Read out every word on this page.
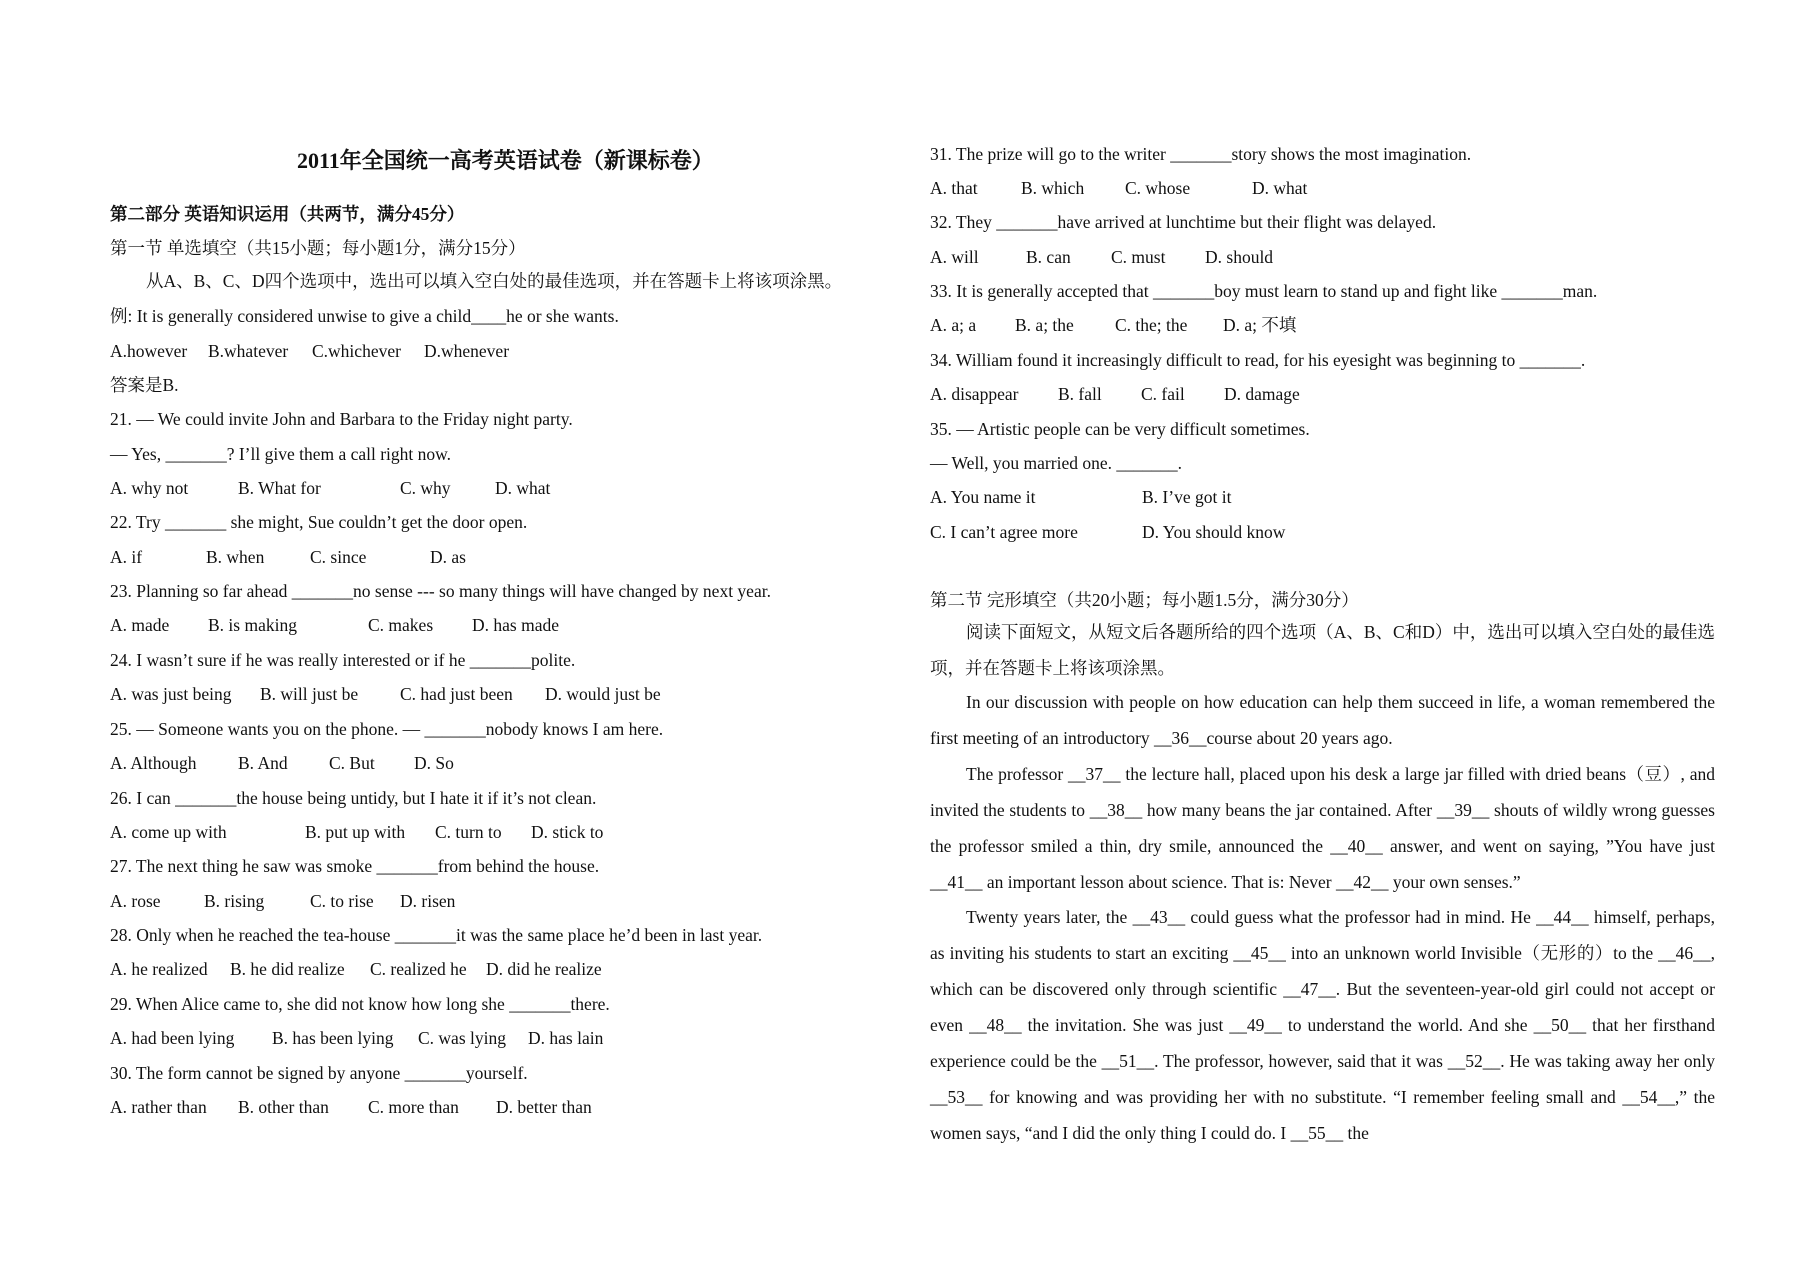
2011年全国统一高考英语试卷（新课标卷）
第二部分 英语知识运用（共两节，满分45分）
第一节 单选填空（共15小题；每小题1分，满分15分）
从A、B、C、D四个选项中，选出可以填入空白处的最佳选项，并在答题卡上将该项涂黑。
例: It is generally considered unwise to give a child____he or she wants.
A.however	B.whatever	C.whichever	D.whenever
答案是B.
21. — We could invite John and Barbara to the Friday night party.
— Yes, _______? I’ll give them a call right now.
A. why not	B. What for	C. why	D. what
22. Try _______ she might, Sue couldn’t get the door open.
A. if	B. when	C. since	D. as
23. Planning so far ahead _______no sense --- so many things will have changed by next year.
A. made	B. is making	C. makes	D. has made
24. I wasn’t sure if he was really interested or if he _______polite.
A. was just being	B. will just be	C. had just been	D. would just be
25. — Someone wants you on the phone. — _______nobody knows I am here.
A. Although	B. And	C. But	D. So
26. I can _______the house being untidy, but I hate it if it’s not clean.
A. come up with	B. put up with	C. turn to	D. stick to
27. The next thing he saw was smoke _______from behind the house.
A. rose	B. rising	C. to rise	D. risen
28. Only when he reached the tea-house _______it was the same place he’d been in last year.
A. he realized	B. he did realize	C. realized he	D. did he realize
29. When Alice came to, she did not know how long she _______there.
A. had been lying	B. has been lying	C. was lying	D. has lain
30. The form cannot be signed by anyone _______yourself.
A. rather than	B. other than	C. more than	D. better than
31. The prize will go to the writer _______story shows the most imagination.
A. that	B. which	C. whose	D. what
32. They _______have arrived at lunchtime but their flight was delayed.
A. will	B. can	C. must	D. should
33. It is generally accepted that _______boy must learn to stand up and fight like _______man.
A. a; a	B. a; the	C. the; the	D. a; 不填
34. William found it increasingly difficult to read, for his eyesight was beginning to _______.
A. disappear	B. fall	C. fail	D. damage
35. — Artistic people can be very difficult sometimes.
— Well, you married one. _______.
A. You name it	B. I’ve got it
C. I can’t agree more	D. You should know
第二节 完形填空（共20小题；每小题1.5分，满分30分）
阅读下面短文，从短文后各题所给的四个选项（A、B、C和D）中，选出可以填入空白处的最佳选项，并在答题卡上将该项涂黑。
In our discussion with people on how education can help them succeed in life, a woman remembered the first meeting of an introductory __36__course about 20 years ago.
The professor __37__ the lecture hall, placed upon his desk a large jar filled with dried beans（豆）, and invited the students to __38__ how many beans the jar contained. After __39__ shouts of wildly wrong guesses the professor smiled a thin, dry smile, announced the __40__ answer, and went on saying, ”You have just __41__ an important lesson about science. That is: Never __42__ your own senses.”
Twenty years later, the __43__ could guess what the professor had in mind. He __44__ himself, perhaps, as inviting his students to start an exciting __45__ into an unknown world Invisible（无形的）to the __46__, which can be discovered only through scientific __47__. But the seventeen-year-old girl could not accept or even __48__ the invitation. She was just __49__ to understand the world. And she __50__ that her firsthand experience could be the __51__. The professor, however, said that it was __52__. He was taking away her only __53__ for knowing and was providing her with no substitute. “I remember feeling small and __54__,” the women says, “and I did the only thing I could do. I __55__ the
